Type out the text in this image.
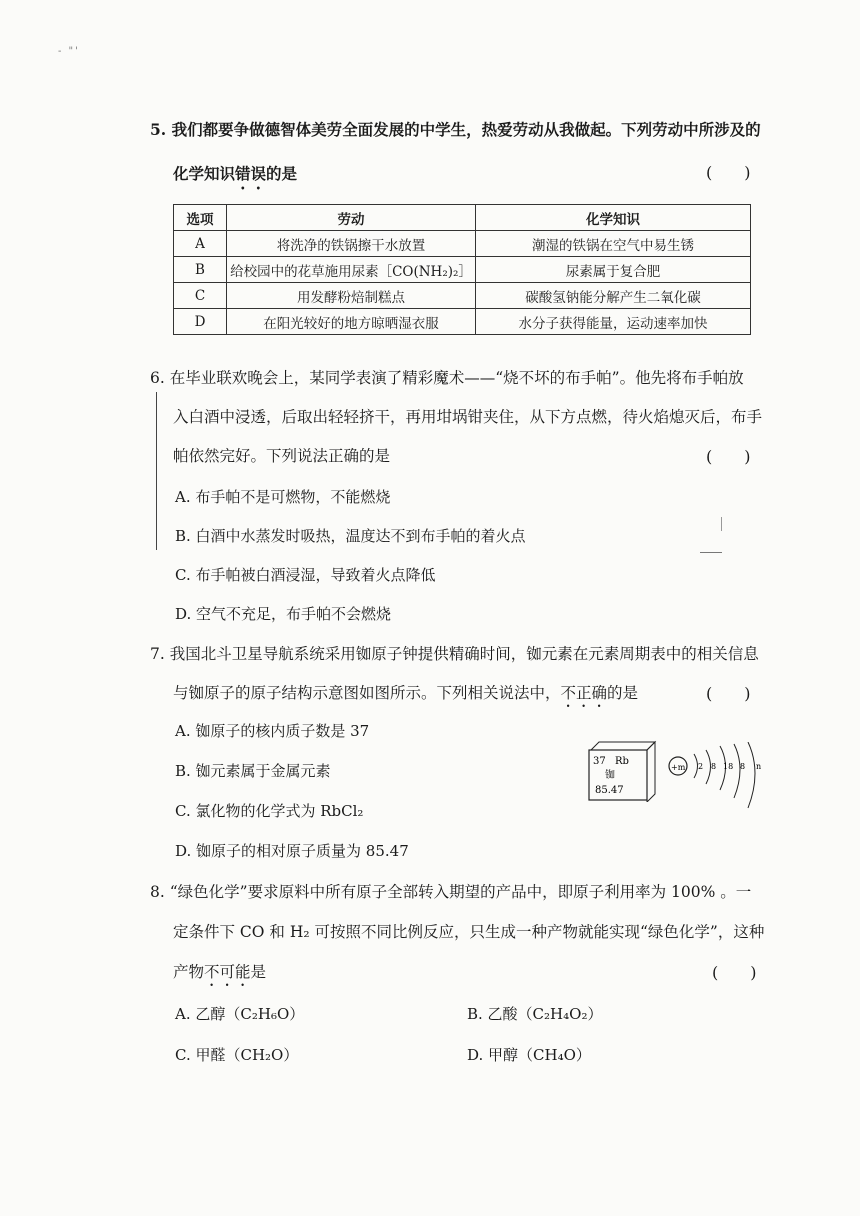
- "'
5. 我们都要争做德智体美劳全面发展的中学生，热爱劳动从我做起。下列劳动中所涉及的
化学知识错误的是	(　　)
选项	劳动	化学知识
A	将洗净的铁锅擦干水放置	潮湿的铁锅在空气中易生锈
B	给校园中的花草施用尿素［CO(NH₂)₂］	尿素属于复合肥
C	用发酵粉焙制糕点	碳酸氢钠能分解产生二氧化碳
D	在阳光较好的地方晾晒湿衣服	水分子获得能量，运动速率加快
6. 在毕业联欢晚会上，某同学表演了精彩魔术——“烧不坏的布手帕”。他先将布手帕放
入白酒中浸透，后取出轻轻挤干，再用坩埚钳夹住，从下方点燃，待火焰熄灭后，布手
帕依然完好。下列说法正确的是	(　　)
A. 布手帕不是可燃物，不能燃烧
B. 白酒中水蒸发时吸热，温度达不到布手帕的着火点
C. 布手帕被白酒浸湿，导致着火点降低
D. 空气不充足，布手帕不会燃烧
7. 我国北斗卫星导航系统采用铷原子钟提供精确时间，铷元素在元素周期表中的相关信息
与铷原子的原子结构示意图如图所示。下列相关说法中，不正确的是	(　　)
A. 铷原子的核内质子数是 37
B. 铷元素属于金属元素
C. 氯化物的化学式为 RbCl₂
D. 铷原子的相对原子质量为 85.47
37 Rb
铷
85.47
+m 2 8 18 8 n
8. “绿色化学”要求原料中所有原子全部转入期望的产品中，即原子利用率为 100% 。一
定条件下 CO 和 H₂ 可按照不同比例反应，只生成一种产物就能实现“绿色化学”，这种
产物不可能是	(　　)
A. 乙醇（C₂H₆O）	B. 乙酸（C₂H₄O₂）
C. 甲醛（CH₂O）	D. 甲醇（CH₄O）
